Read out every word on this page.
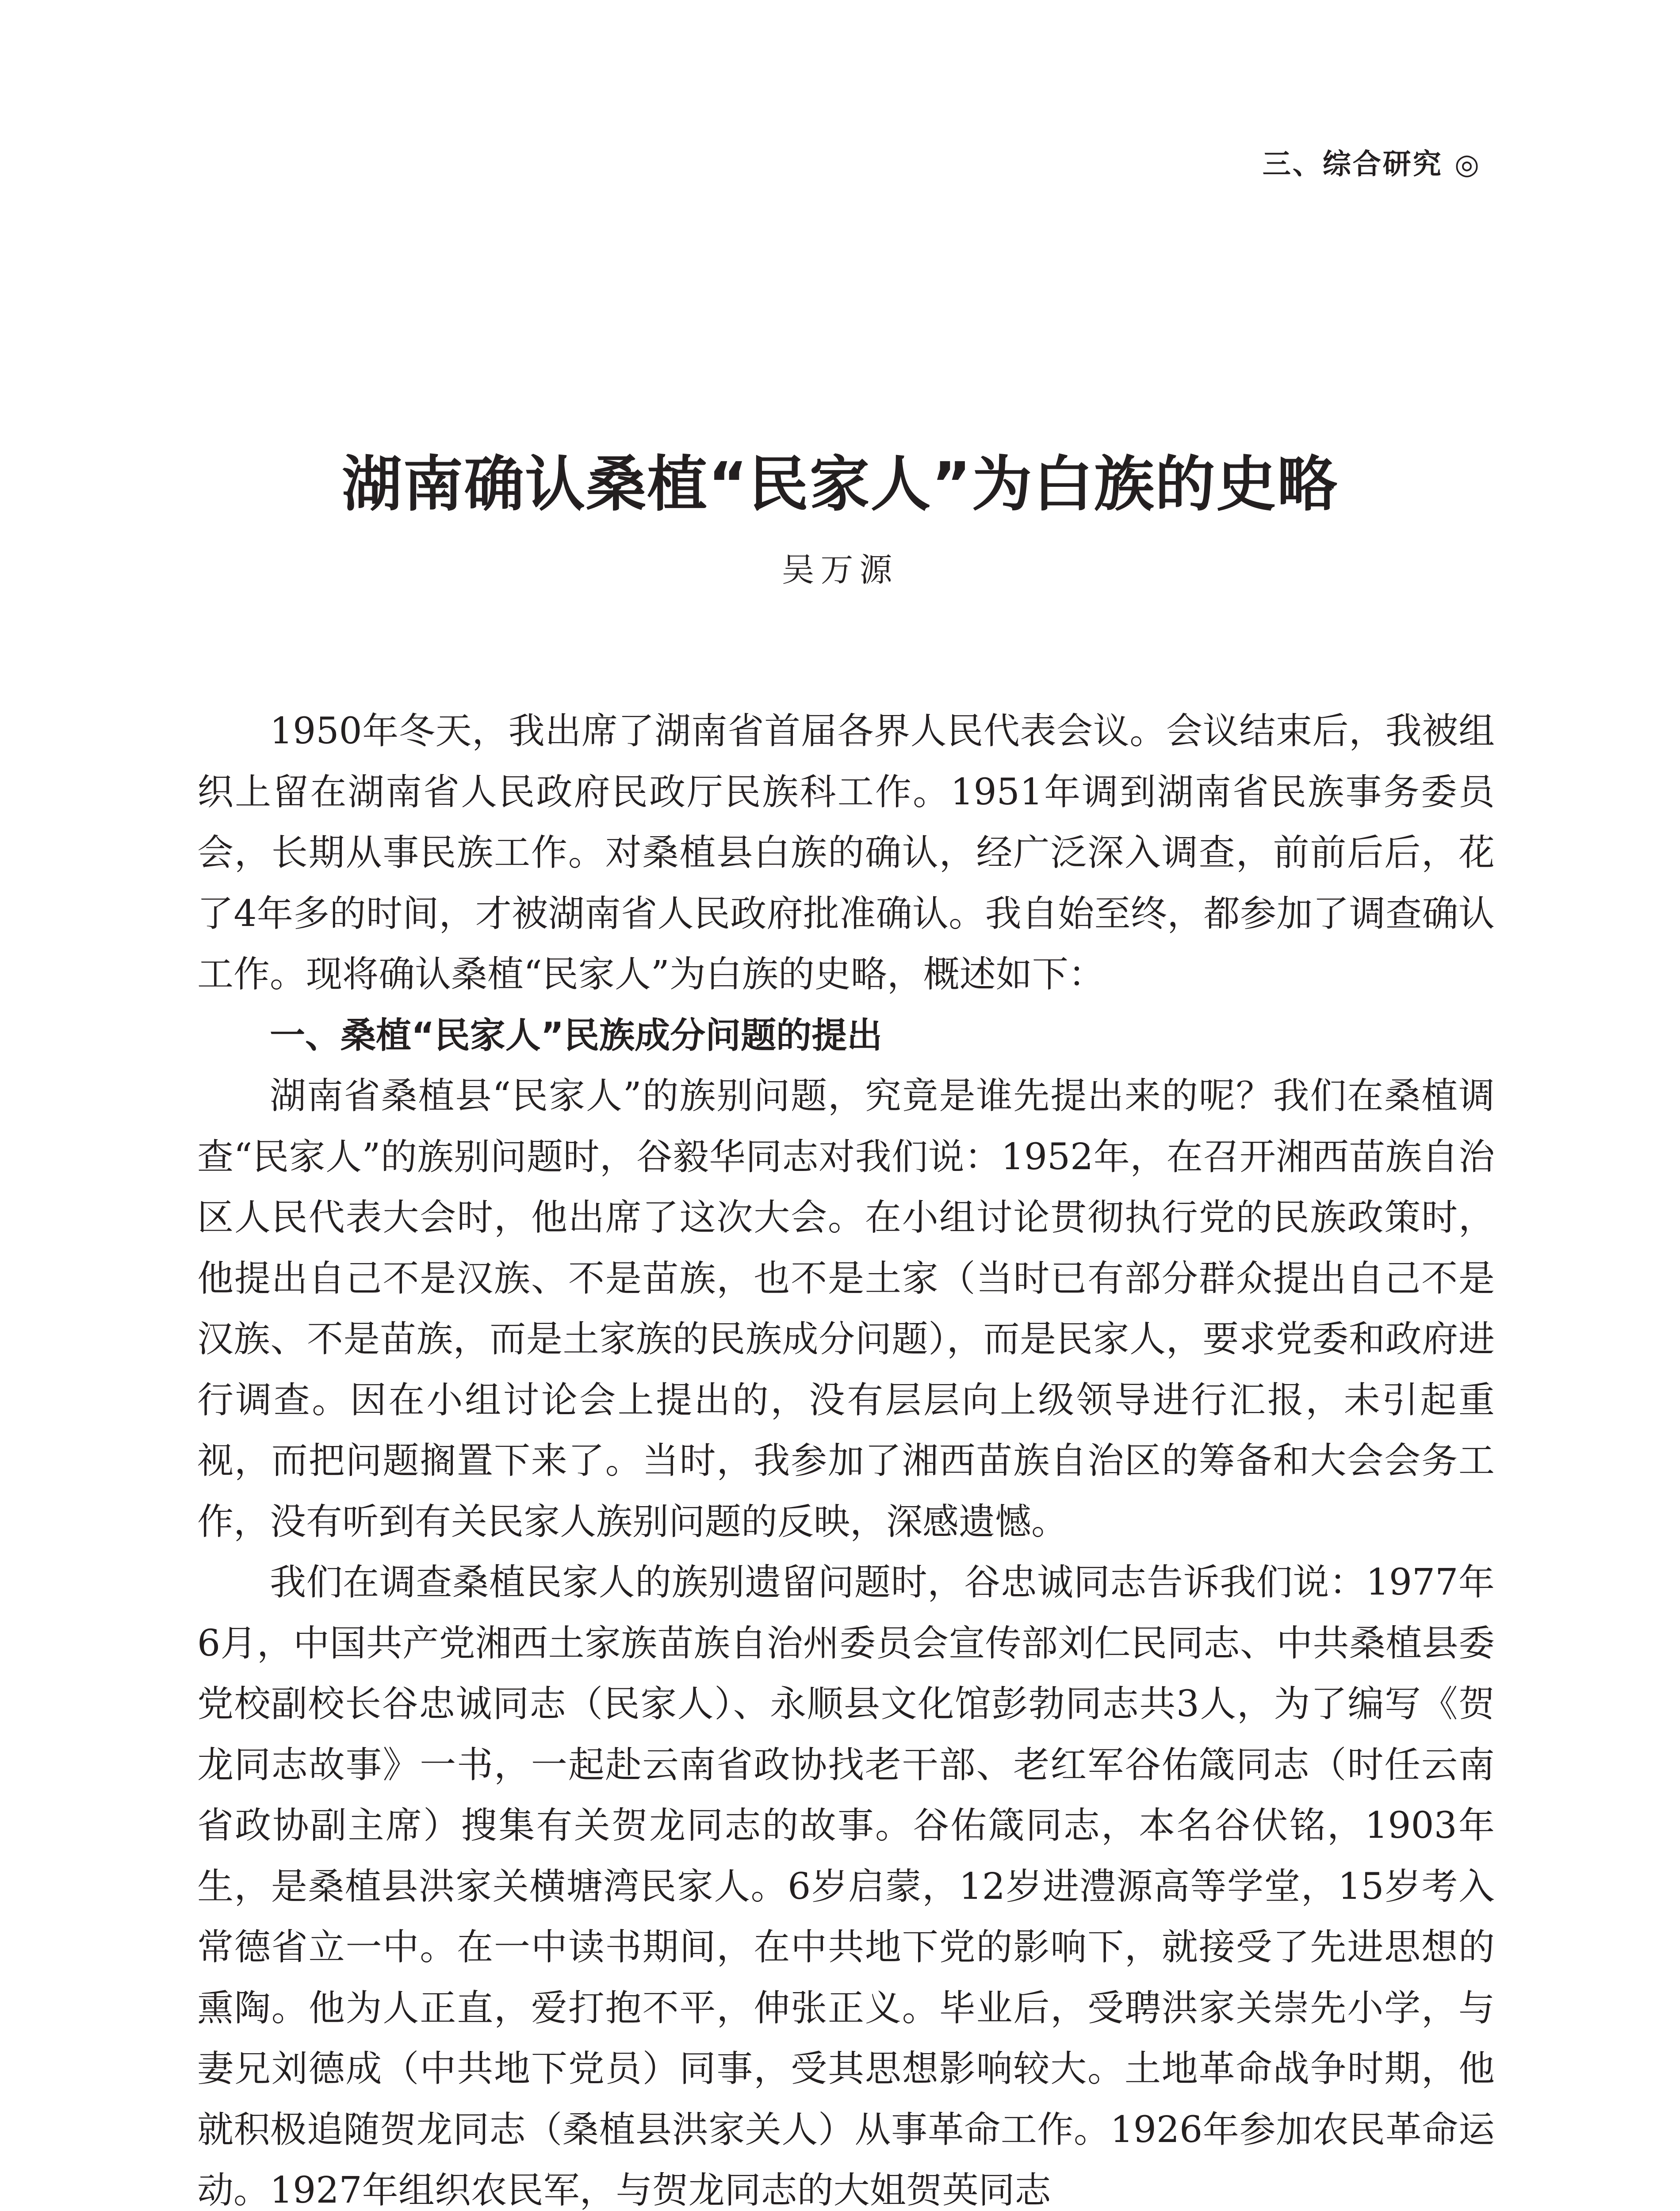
三、综合研究 ◎
湖南确认桑植“民家人”为白族的史略
吴万源

1950年冬天，我出席了湖南省首届各界人民代表会议。会议结束后，我被组织上留在湖南省人民政府民政厅民族科工作。1951年调到湖南省民族事务委员会，长期从事民族工作。对桑植县白族的确认，经广泛深入调查，前前后后，花了4年多的时间，才被湖南省人民政府批准确认。我自始至终，都参加了调查确认工作。现将确认桑植“民家人”为白族的史略，概述如下：

一、桑植“民家人”民族成分问题的提出

湖南省桑植县“民家人”的族别问题，究竟是谁先提出来的呢？我们在桑植调查“民家人”的族别问题时，谷毅华同志对我们说：1952年，在召开湘西苗族自治区人民代表大会时，他出席了这次大会。在小组讨论贯彻执行党的民族政策时，他提出自己不是汉族、不是苗族，也不是土家（当时已有部分群众提出自己不是汉族、不是苗族，而是土家族的民族成分问题），而是民家人，要求党委和政府进行调查。因在小组讨论会上提出的，没有层层向上级领导进行汇报，未引起重视，而把问题搁置下来了。当时，我参加了湘西苗族自治区的筹备和大会会务工作，没有听到有关民家人族别问题的反映，深感遗憾。

我们在调查桑植民家人的族别遗留问题时，谷忠诚同志告诉我们说：1977年6月，中国共产党湘西土家族苗族自治州委员会宣传部刘仁民同志、中共桑植县委党校副校长谷忠诚同志（民家人）、永顺县文化馆彭勃同志共3人，为了编写《贺龙同志故事》一书，一起赴云南省政协找老干部、老红军谷佑箴同志（时任云南省政协副主席）搜集有关贺龙同志的故事。谷佑箴同志，本名谷伏铭，1903年生，是桑植县洪家关横塘湾民家人。6岁启蒙，12岁进澧源高等学堂，15岁考入常德省立一中。在一中读书期间，在中共地下党的影响下，就接受了先进思想的熏陶。他为人正直，爱打抱不平，伸张正义。毕业后，受聘洪家关崇先小学，与妻兄刘德成（中共地下党员）同事，受其思想影响较大。土地革命战争时期，他就积极追随贺龙同志（桑植县洪家关人）从事革命工作。1926年参加农民革命运动。1927年组织农民军，与贺龙同志的大姐贺英同志
